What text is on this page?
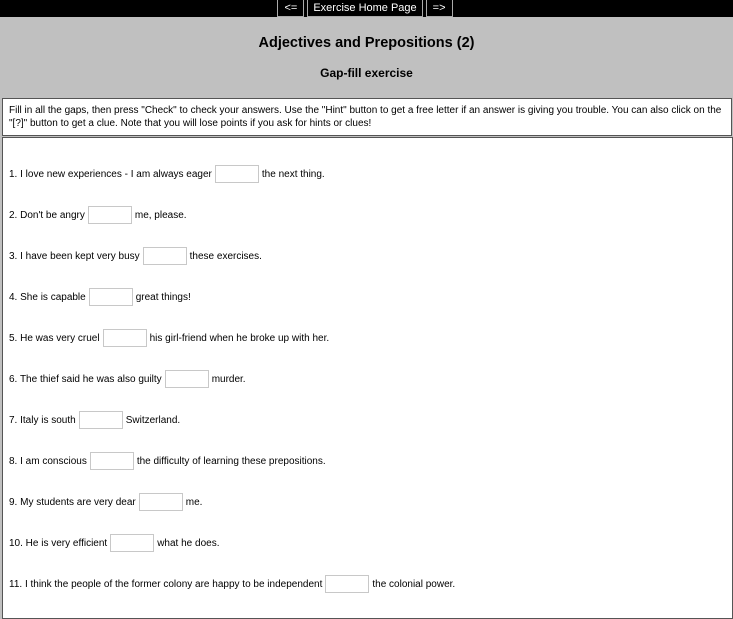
<=	Exercise Home Page	=>
Adjectives and Prepositions (2)
Gap-fill exercise
Fill in all the gaps, then press "Check" to check your answers. Use the "Hint" button to get a free letter if an answer is giving you trouble. You can also click on the "[?]" button to get a clue. Note that you will lose points if you ask for hints or clues!
1. I love new experiences - I am always eager	the next thing.
2. Don't be angry	me, please.
3. I have been kept very busy	these exercises.
4. She is capable	great things!
5. He was very cruel	his girl-friend when he broke up with her.
6. The thief said he was also guilty	murder.
7. Italy is south	Switzerland.
8. I am conscious	the difficulty of learning these prepositions.
9. My students are very dear	me.
10. He is very efficient	what he does.
11. I think the people of the former colony are happy to be independent	the colonial power.
